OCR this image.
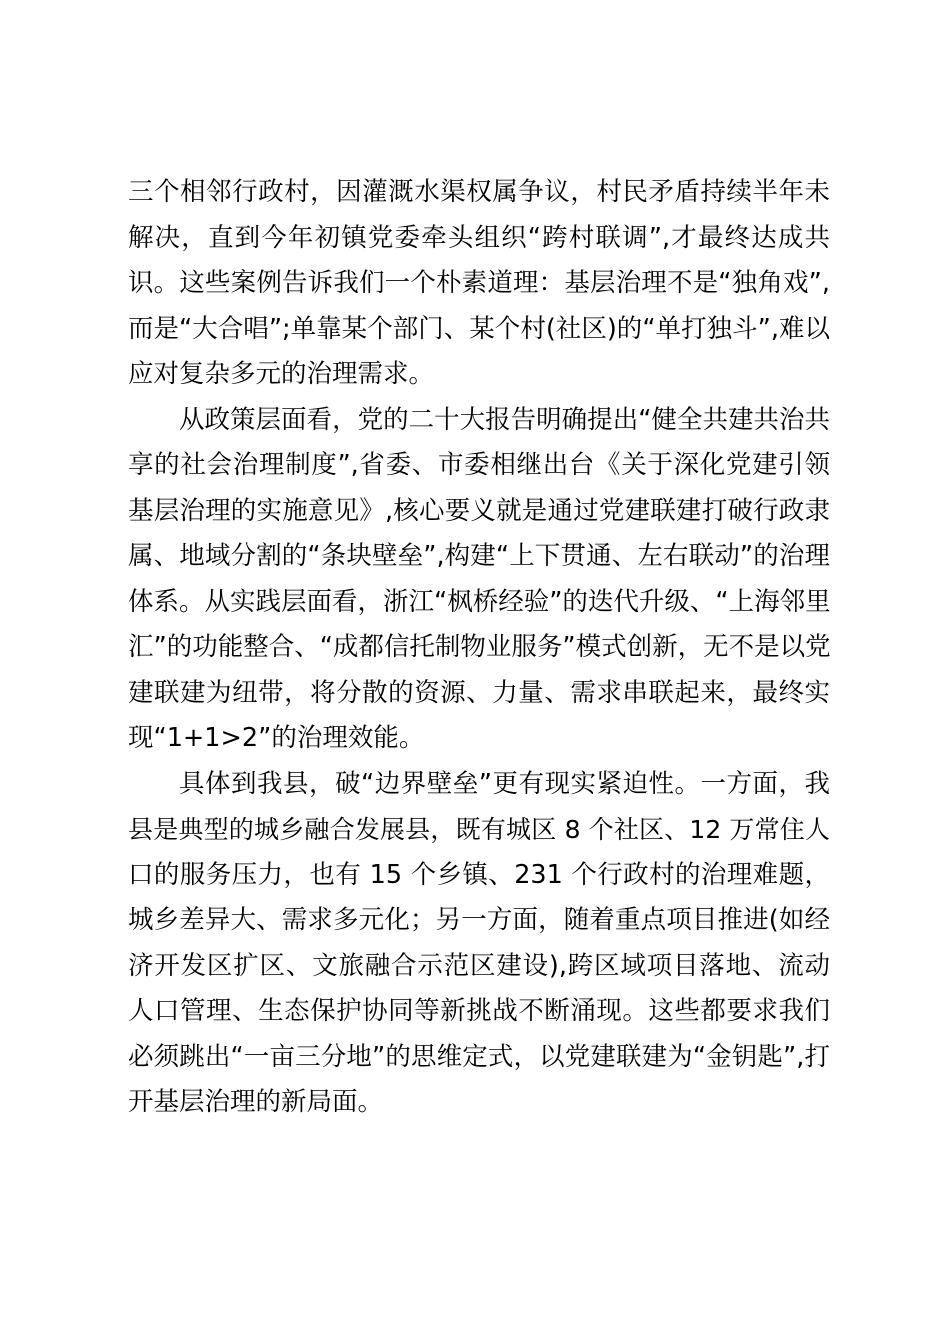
三个相邻行政村，因灌溉水渠权属争议，村民矛盾持续半年未
解决，直到今年初镇党委牵头组织“跨村联调”,才最终达成共
识。这些案例告诉我们一个朴素道理：基层治理不是“独角戏”,
而是“大合唱”;单靠某个部门、某个村(社区)的“单打独斗”,难以
应对复杂多元的治理需求。
从政策层面看，党的二十大报告明确提出“健全共建共治共
享的社会治理制度”,省委、市委相继出台《关于深化党建引领
基层治理的实施意见》,核心要义就是通过党建联建打破行政隶
属、地域分割的“条块壁垒”,构建“上下贯通、左右联动”的治理
体系。从实践层面看，浙江“枫桥经验”的迭代升级、“上海邻里
汇”的功能整合、“成都信托制物业服务”模式创新，无不是以党
建联建为纽带，将分散的资源、力量、需求串联起来，最终实
现“1+1>2”的治理效能。
具体到我县，破“边界壁垒”更有现实紧迫性。一方面，我
县是典型的城乡融合发展县，既有城区 8 个社区、12 万常住人
口的服务压力，也有 15 个乡镇、231 个行政村的治理难题，
城乡差异大、需求多元化；另一方面，随着重点项目推进(如经
济开发区扩区、文旅融合示范区建设),跨区域项目落地、流动
人口管理、生态保护协同等新挑战不断涌现。这些都要求我们
必须跳出“一亩三分地”的思维定式，以党建联建为“金钥匙”,打
开基层治理的新局面。
